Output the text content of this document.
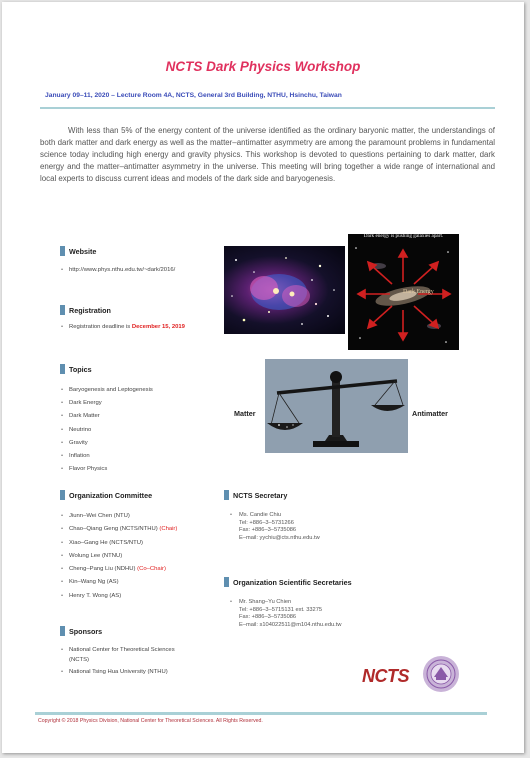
NCTS Dark Physics Workshop
January 09–11, 2020 – Lecture Room 4A, NCTS, General 3rd Building, NTHU, Hsinchu, Taiwan
With less than 5% of the energy content of the universe identified as the ordinary baryonic matter, the understandings of both dark matter and dark energy as well as the matter–antimatter asymmetry are among the paramount problems in fundamental science today including high energy and gravity physics. This workshop is devoted to questions pertaining to dark matter, dark energy and the matter–antimatter asymmetry in the universe. This meeting will bring together a wide range of international and local experts to discuss current ideas and models of the dark side and baryogenesis.
Website
• http://www.phys.nthu.edu.tw/~dark/2016/
Registration
• Registration deadline is December 15, 2019
Topics
• Baryogenesis and Leptogenesis
• Dark Energy
• Dark Matter
• Neutrino
• Gravity
• Inflation
• Flavor Physics
Organization Committee
• Jiunn–Wei Chen (NTU)
• Chao–Qiang Geng (NCTS/NTHU) (Chair)
• Xiao–Gang He (NCTS/NTU)
• Wolung Lee (NTNU)
• Cheng–Pang Liu (NDHU) (Co–Chair)
• Kin–Wang Ng (AS)
• Henry T. Wong (AS)
Sponsors
• National Center for Theoretical Sciences
(NCTS)
• National Tsing Hua University (NTHU)
NCTS Secretary
• Ms. Candie Chiu
Tel: +886–3–5731266
Fax: +886–3–5735086
E–mail: yychiu@cts.nthu.edu.tw
Organization Scientific Secretaries
• Mr. Shang–Yu Chien
Tel: +886–3–5715131 ext. 33275
Fax: +886–3–5735086
E–mail: s104022511@m104.nthu.edu.tw
Dark energy is pushing galaxies apart.
Dark Energy
Matter	Antimatter
NCTS
Copyright © 2018 Physics Division, National Center for Theoretical Sciences. All Rights Reserved.
